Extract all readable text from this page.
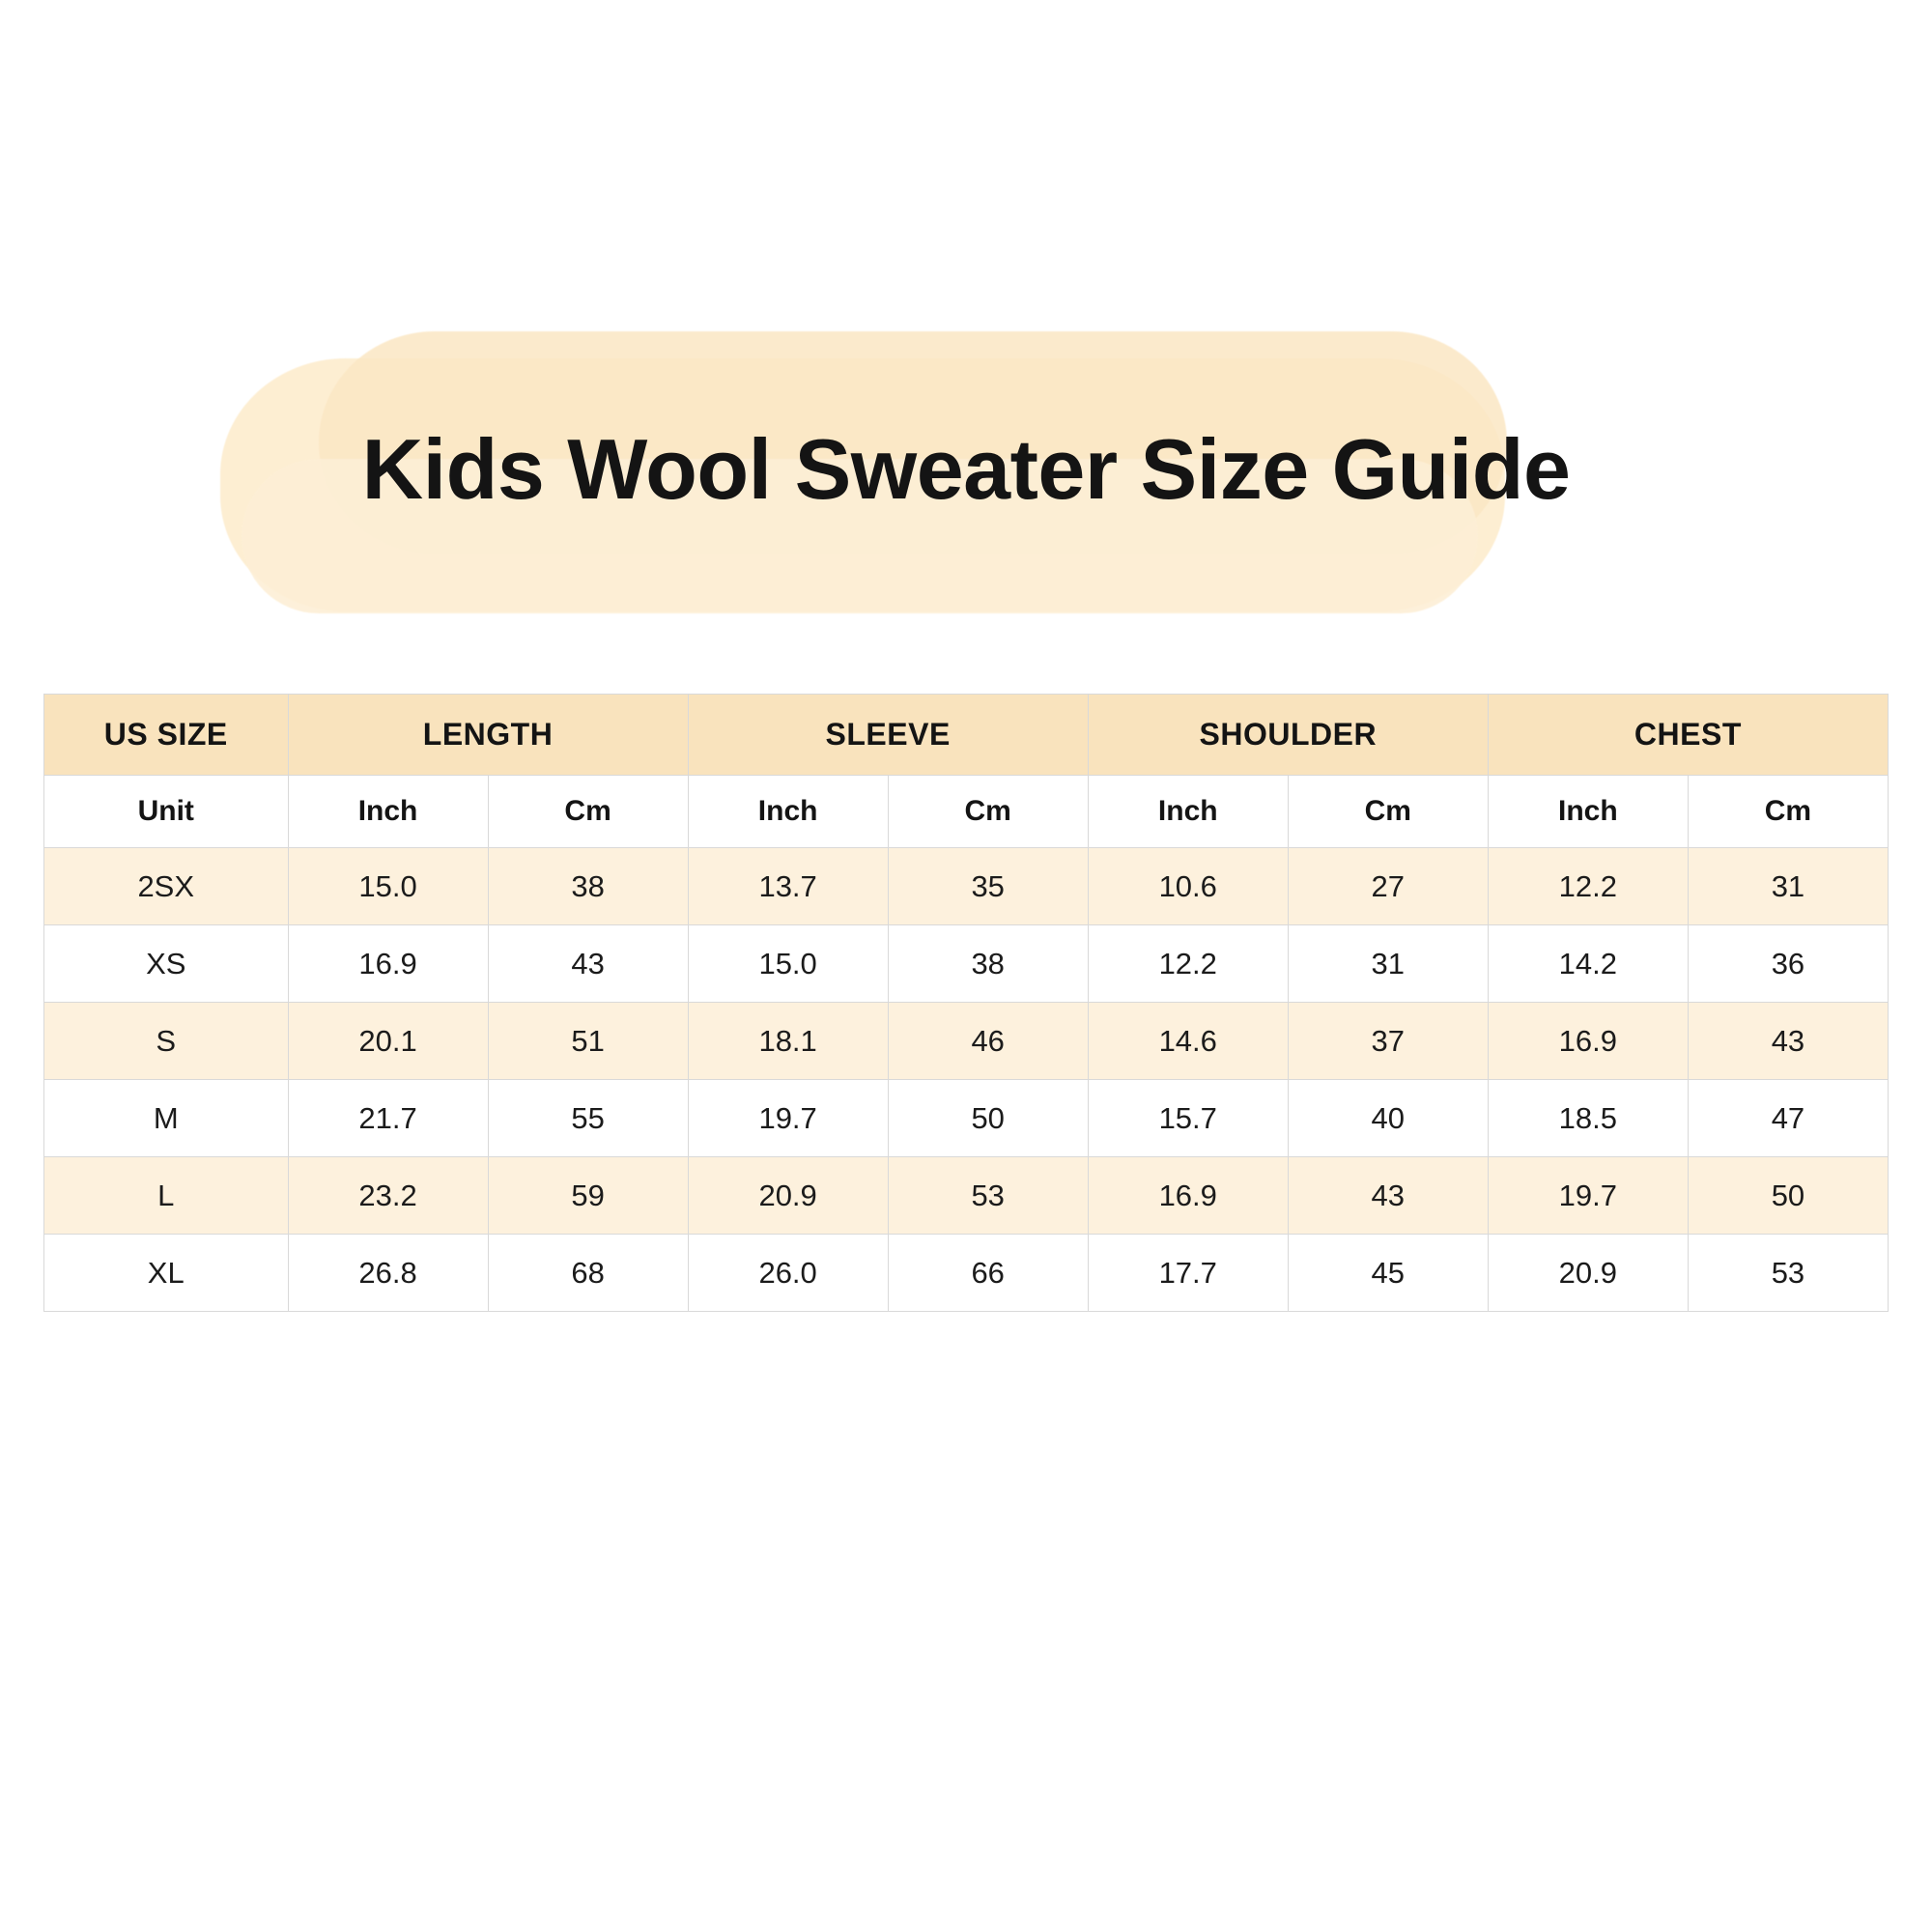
Kids Wool Sweater Size Guide
US SIZE	LENGTH		SLEEVE		SHOULDER		CHEST	
Unit	Inch	Cm	Inch	Cm	Inch	Cm	Inch	Cm
2SX	15.0	38	13.7	35	10.6	27	12.2	31
XS	16.9	43	15.0	38	12.2	31	14.2	36
S	20.1	51	18.1	46	14.6	37	16.9	43
M	21.7	55	19.7	50	15.7	40	18.5	47
L	23.2	59	20.9	53	16.9	43	19.7	50
XL	26.8	68	26.0	66	17.7	45	20.9	53
